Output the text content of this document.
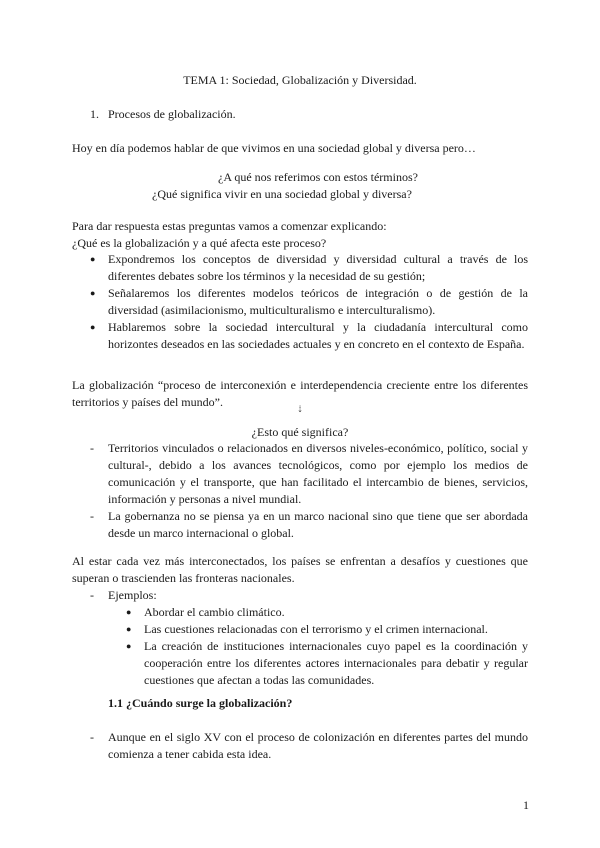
TEMA 1: Sociedad, Globalización y Diversidad.
1. Procesos de globalización.
Hoy en día podemos hablar de que vivimos en una sociedad global y diversa pero…
¿A qué nos referimos con estos términos?
¿Qué significa vivir en una sociedad global y diversa?
Para dar respuesta estas preguntas vamos a comenzar explicando:
¿Qué es la globalización y a qué afecta este proceso?
● Expondremos los conceptos de diversidad y diversidad cultural a través de los diferentes debates sobre los términos y la necesidad de su gestión;
● Señalaremos los diferentes modelos teóricos de integración o de gestión de la diversidad (asimilacionismo, multiculturalismo e interculturalismo).
● Hablaremos sobre la sociedad intercultural y la ciudadanía intercultural como horizontes deseados en las sociedades actuales y en concreto en el contexto de España.
La globalización “proceso de interconexión e interdependencia creciente entre los diferentes territorios y países del mundo”.	⇣
¿Esto qué significa?
- Territorios vinculados o relacionados en diversos niveles-económico, político, social y cultural-, debido a los avances tecnológicos, como por ejemplo los medios de comunicación y el transporte, que han facilitado el intercambio de bienes, servicios, información y personas a nivel mundial.
- La gobernanza no se piensa ya en un marco nacional sino que tiene que ser abordada desde un marco internacional o global.
Al estar cada vez más interconectados, los países se enfrentan a desafíos y cuestiones que superan o trascienden las fronteras nacionales.
- Ejemplos:
● Abordar el cambio climático.
● Las cuestiones relacionadas con el terrorismo y el crimen internacional.
● La creación de instituciones internacionales cuyo papel es la coordinación y cooperación entre los diferentes actores internacionales para debatir y regular cuestiones que afectan a todas las comunidades.
1.1 ¿Cuándo surge la globalización?
- Aunque en el siglo XV con el proceso de colonización en diferentes partes del mundo comienza a tener cabida esta idea.
1
